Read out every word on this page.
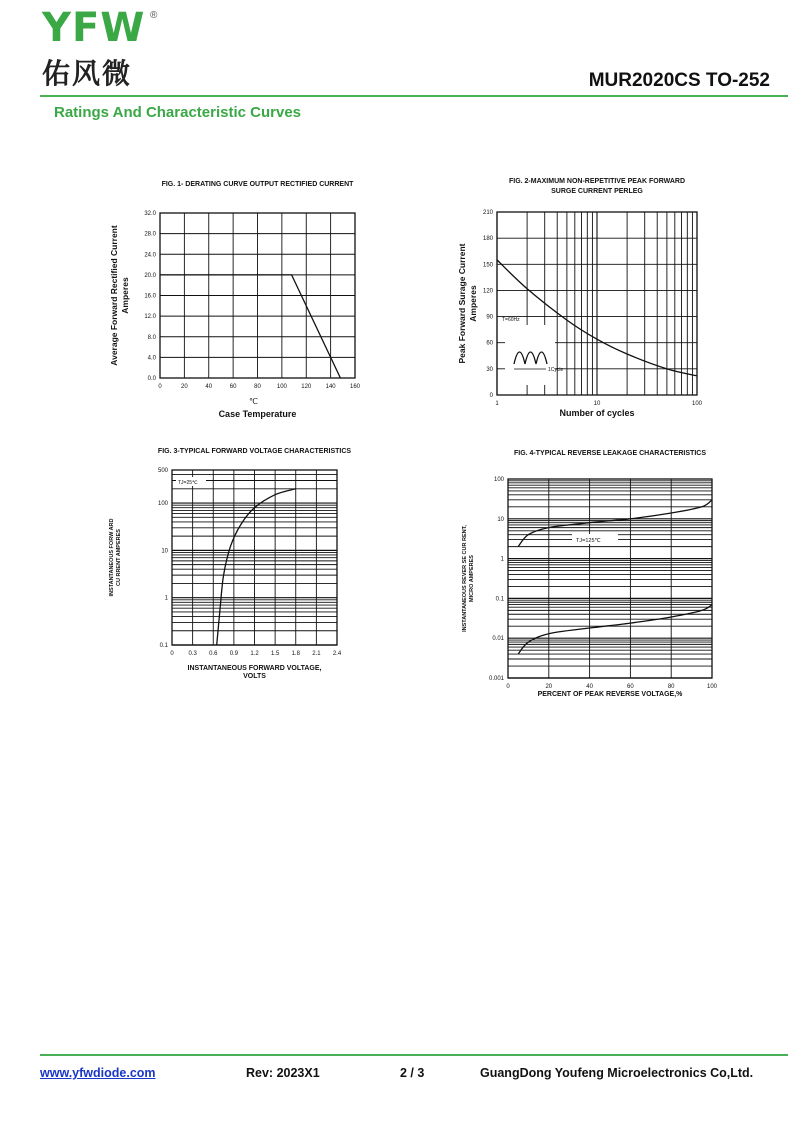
YFW ®
佑风微	MUR2020CS TO-252
Ratings And Characteristic Curves
FIG. 1- DERATING CURVE OUTPUT RECTIFIED CURRENT
0	20	40	60	80	100 120 140 160
0.0
4.0
8.0
12.0
16.0
20.0
24.0
28.0
32.0
℃
Case Temperature
Average Forward Rectified Current Amperes
FIG. 2-MAXIMUM NON-REPETITIVE PEAK FORWARD
SURGE CURRENT PERLEG
1	10	100
0
30
60
90
120
150
180
210
Number of cycles
Peak Forward Surage Current Amperes
FIG. 3-TYPICAL FORWARD VOLTAGE CHARACTERISTICS
0 0.3 0.6 0.9 1.2 1.5 1.8 2.1 2.4
0.1
1
10
100
500
INSTANTANEOUS FORWARD VOLTAGE,
VOLTS
INSTANTANEOUS FORW ARD CU RRENT AMPERES
FIG. 4-TYPICAL REVERSE LEAKAGE CHARACTERISTICS
0	20	40	60	80	100
0.001
0.01
0.1
1
10
100
PERCENT OF PEAK REVERSE VOLTAGE,%
INSTANTANEOUS REVER SE CUR RENT, MICRO AMPERES
T=60Hz
1Cycle
TJ=25℃
TJ=125℃
www.yfwdiode.com	Rev: 2023X1	2 / 3	GuangDong Youfeng Microelectronics Co,Ltd.
